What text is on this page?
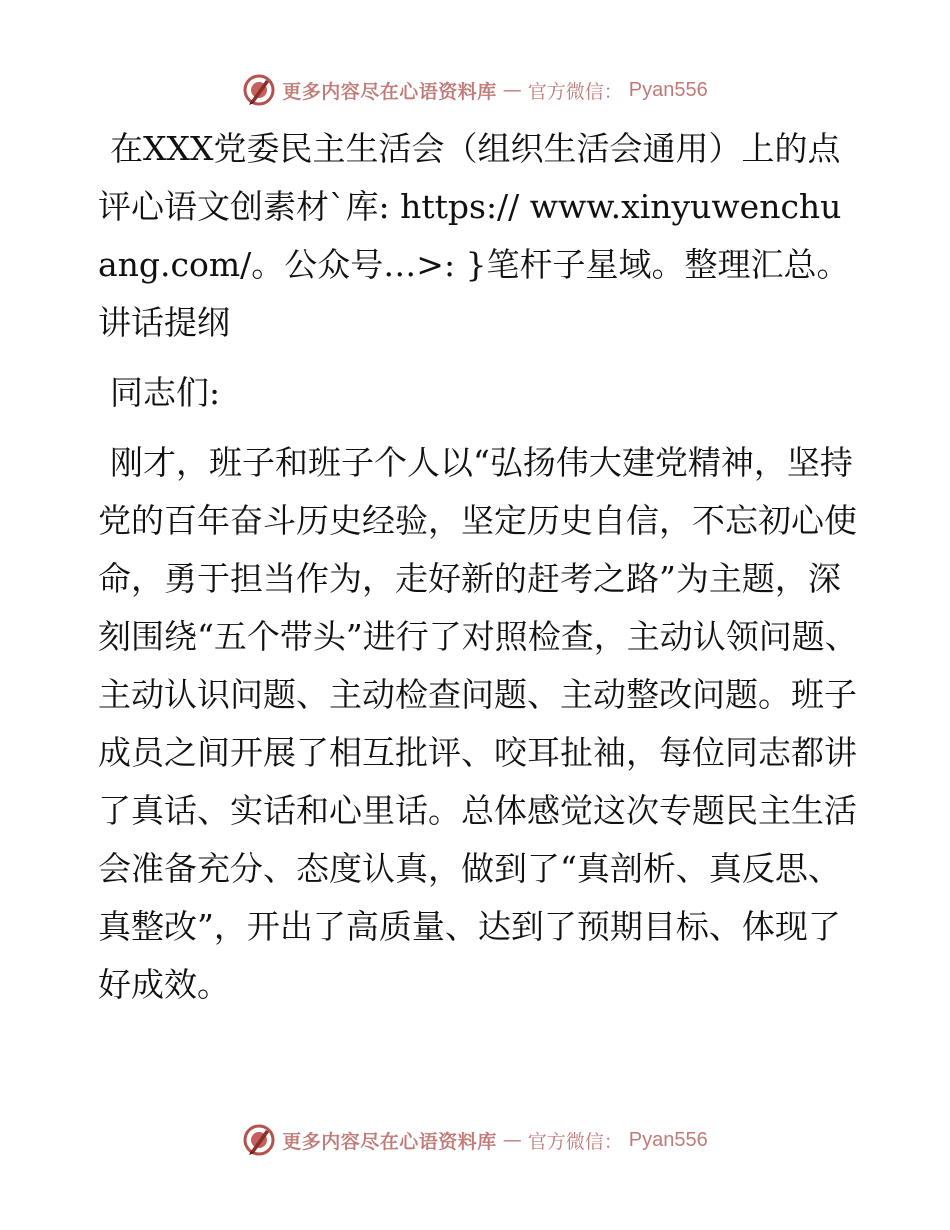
更多内容尽在心语资料库 — 官方微信： Pyan556

在XXX党委民主生活会（组织生活会通用）上的点评心语文创素材`库: https:// www.xinyuwenchuang.com/。公众号…>: }笔杆子星域。整理汇总。讲话提纲

同志们:

刚才，班子和班子个人以“弘扬伟大建党精神，坚持党的百年奋斗历史经验，坚定历史自信，不忘初心使命，勇于担当作为，走好新的赶考之路”为主题，深刻围绕“五个带头”进行了对照检查，主动认领问题、主动认识问题、主动检查问题、主动整改问题。班子成员之间开展了相互批评、咬耳扯袖，每位同志都讲了真话、实话和心里话。总体感觉这次专题民主生活会准备充分、态度认真，做到了“真剖析、真反思、真整改”，开出了高质量、达到了预期目标、体现了好成效。

更多内容尽在心语资料库 — 官方微信： Pyan556
